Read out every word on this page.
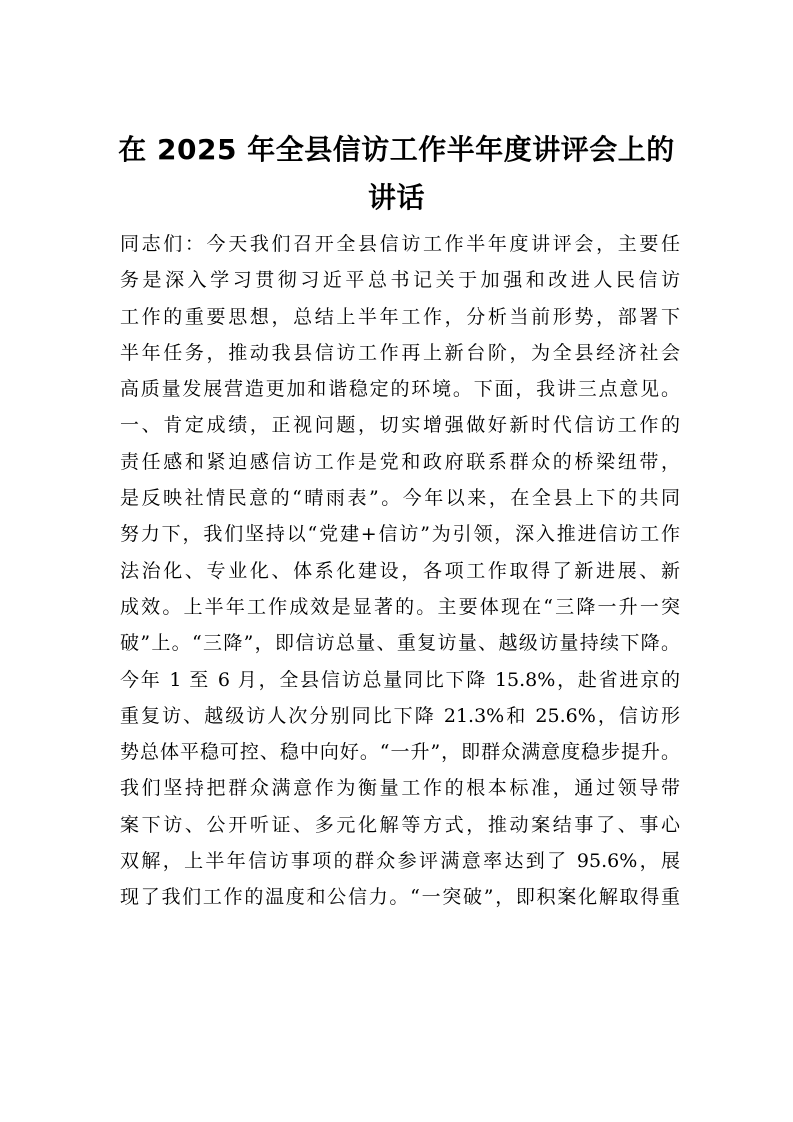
在 2025 年全县信访工作半年度讲评会上的
讲话
同志们：今天我们召开全县信访工作半年度讲评会，主要任
务是深入学习贯彻习近平总书记关于加强和改进人民信访
工作的重要思想，总结上半年工作，分析当前形势，部署下
半年任务，推动我县信访工作再上新台阶，为全县经济社会
高质量发展营造更加和谐稳定的环境。下面，我讲三点意见。
一、肯定成绩，正视问题，切实增强做好新时代信访工作的
责任感和紧迫感信访工作是党和政府联系群众的桥梁纽带，
是反映社情民意的“晴雨表”。今年以来，在全县上下的共同
努力下，我们坚持以“党建+信访”为引领，深入推进信访工作
法治化、专业化、体系化建设，各项工作取得了新进展、新
成效。上半年工作成效是显著的。主要体现在“三降一升一突
破”上。“三降”，即信访总量、重复访量、越级访量持续下降。
今年 1 至 6 月，全县信访总量同比下降 15.8%，赴省进京的
重复访、越级访人次分别同比下降 21.3%和 25.6%，信访形
势总体平稳可控、稳中向好。“一升”，即群众满意度稳步提升。
我们坚持把群众满意作为衡量工作的根本标准，通过领导带
案下访、公开听证、多元化解等方式，推动案结事了、事心
双解，上半年信访事项的群众参评满意率达到了 95.6%，展
现了我们工作的温度和公信力。“一突破”，即积案化解取得重
